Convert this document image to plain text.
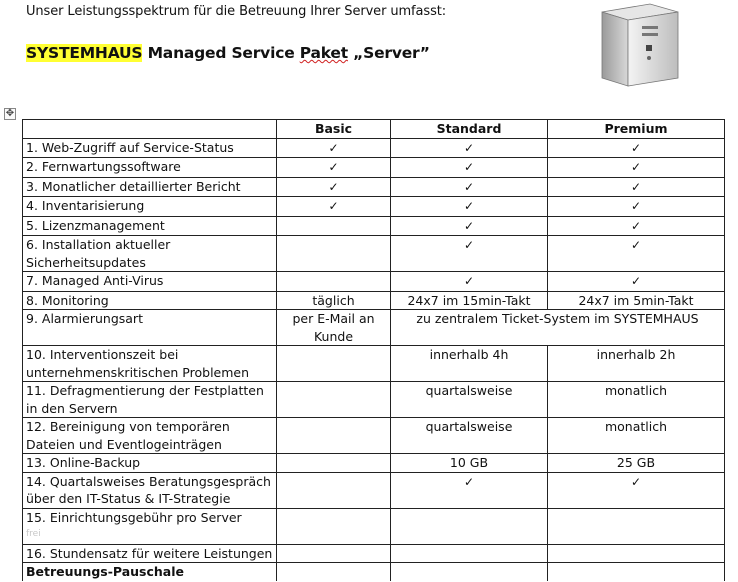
Unser Leistungsspektrum für die Betreuung Ihrer Server umfasst:
SYSTEMHAUS Managed Service Paket „Server”
✥
	Basic	Standard	Premium
1. Web-Zugriff auf Service-Status	✓	✓	✓
2. Fernwartungssoftware	✓	✓	✓
3. Monatlicher detaillierter Bericht	✓	✓	✓
4. Inventarisierung	✓	✓	✓
5. Lizenzmanagement		✓	✓
6. Installation aktueller Sicherheitsupdates		✓	✓
7. Managed Anti-Virus		✓	✓
8. Monitoring	täglich	24x7 im 15min-Takt	24x7 im 5min-Takt
9. Alarmierungsart	per E-Mail an Kunde	zu zentralem Ticket-System im SYSTEMHAUS	
10. Interventionszeit bei unternehmenskritischen Problemen		innerhalb 4h	innerhalb 2h
11. Defragmentierung der Festplatten in den Servern		quartalsweise	monatlich
12. Bereinigung von temporären Dateien und Eventlogeinträgen		quartalsweise	monatlich
13. Online-Backup		10 GB	25 GB
14. Quartalsweises Beratungsgespräch über den IT-Status & IT-Strategie		✓	✓
15. Einrichtungsgebühr pro Server
frei			

16. Stundensatz für weitere Leistungen			
Betreuungs-Pauschale			
